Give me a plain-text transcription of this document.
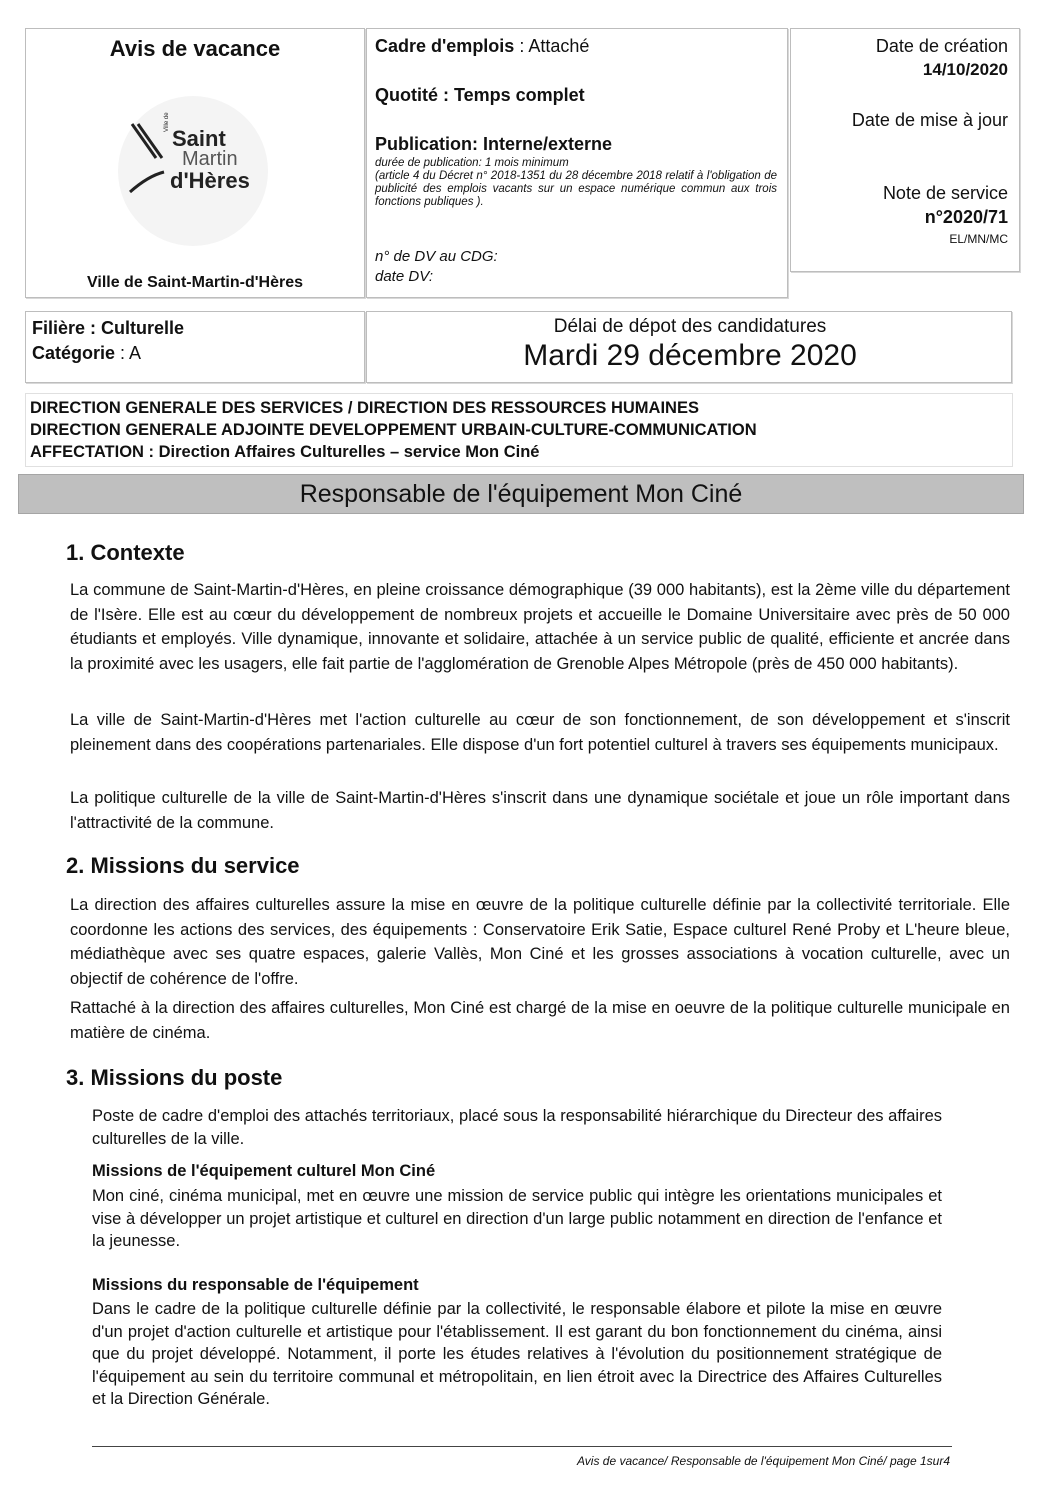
Avis de vacance
Ville de
Saint
Martin
d'Hères
Ville de Saint-Martin-d'Hères
Cadre d'emplois : Attaché
Quotité : Temps complet
Publication: Interne/externe
durée de publication: 1 mois minimum
(article 4 du Décret n° 2018-1351 du 28 décembre 2018 relatif à l'obligation de publicité des emplois vacants sur un espace numérique commun aux trois fonctions publiques ).
n° de DV au CDG:
date DV:
Date de création
14/10/2020
Date de mise à jour
Note de service
n°2020/71
EL/MN/MC
Filière : Culturelle
Catégorie : A
Délai de dépot des candidatures
Mardi 29 décembre 2020
DIRECTION GENERALE DES SERVICES / DIRECTION DES RESSOURCES HUMAINES
DIRECTION GENERALE ADJOINTE DEVELOPPEMENT URBAIN-CULTURE-COMMUNICATION
AFFECTATION : Direction Affaires Culturelles – service Mon Ciné
Responsable de l'équipement Mon Ciné
1. Contexte
La commune de Saint-Martin-d'Hères, en pleine croissance démographique (39 000 habitants), est la 2ème ville du département de l'Isère. Elle est au cœur du développement de nombreux projets et accueille le Domaine Universitaire avec près de 50 000 étudiants et employés. Ville dynamique, innovante et solidaire, attachée à un service public de qualité, efficiente et ancrée dans la proximité avec les usagers, elle fait partie de l'agglomération de Grenoble Alpes Métropole (près de 450 000 habitants).
La ville de Saint-Martin-d'Hères met l'action culturelle au cœur de son fonctionnement, de son développement et s'inscrit pleinement dans des coopérations partenariales. Elle dispose d'un fort potentiel culturel à travers ses équipements municipaux.
La politique culturelle de la ville de Saint-Martin-d'Hères s'inscrit dans une dynamique sociétale et joue un rôle important dans l'attractivité de la commune.
2. Missions du service
La direction des affaires culturelles assure la mise en œuvre de la politique culturelle définie par la collectivité territoriale. Elle coordonne les actions des services, des équipements : Conservatoire Erik Satie, Espace culturel René Proby et L'heure bleue, médiathèque avec ses quatre espaces, galerie Vallès, Mon Ciné et les grosses associations à vocation culturelle, avec un objectif de cohérence de l'offre.
Rattaché à la direction des affaires culturelles, Mon Ciné est chargé de la mise en oeuvre de la politique culturelle municipale en matière de cinéma.
3. Missions du poste
Poste de cadre d'emploi des attachés territoriaux, placé sous la responsabilité hiérarchique du Directeur des affaires culturelles de la ville.
Missions de l'équipement culturel Mon Ciné
Mon ciné, cinéma municipal, met en œuvre une mission de service public qui intègre les orientations municipales et vise à développer un projet artistique et culturel en direction d'un large public notamment en direction de l'enfance et la jeunesse.
Missions du responsable de l'équipement
Dans le cadre de la politique culturelle définie par la collectivité, le responsable élabore et pilote la mise en œuvre d'un projet d'action culturelle et artistique pour l'établissement. Il est garant du bon fonctionnement du cinéma, ainsi que du projet développé. Notamment, il porte les études relatives à l'évolution du positionnement stratégique de l'équipement au sein du territoire communal et métropolitain, en lien étroit avec la Directrice des Affaires Culturelles et la Direction Générale.
Avis de vacance/ Responsable de l'équipement Mon Ciné/ page 1sur4
